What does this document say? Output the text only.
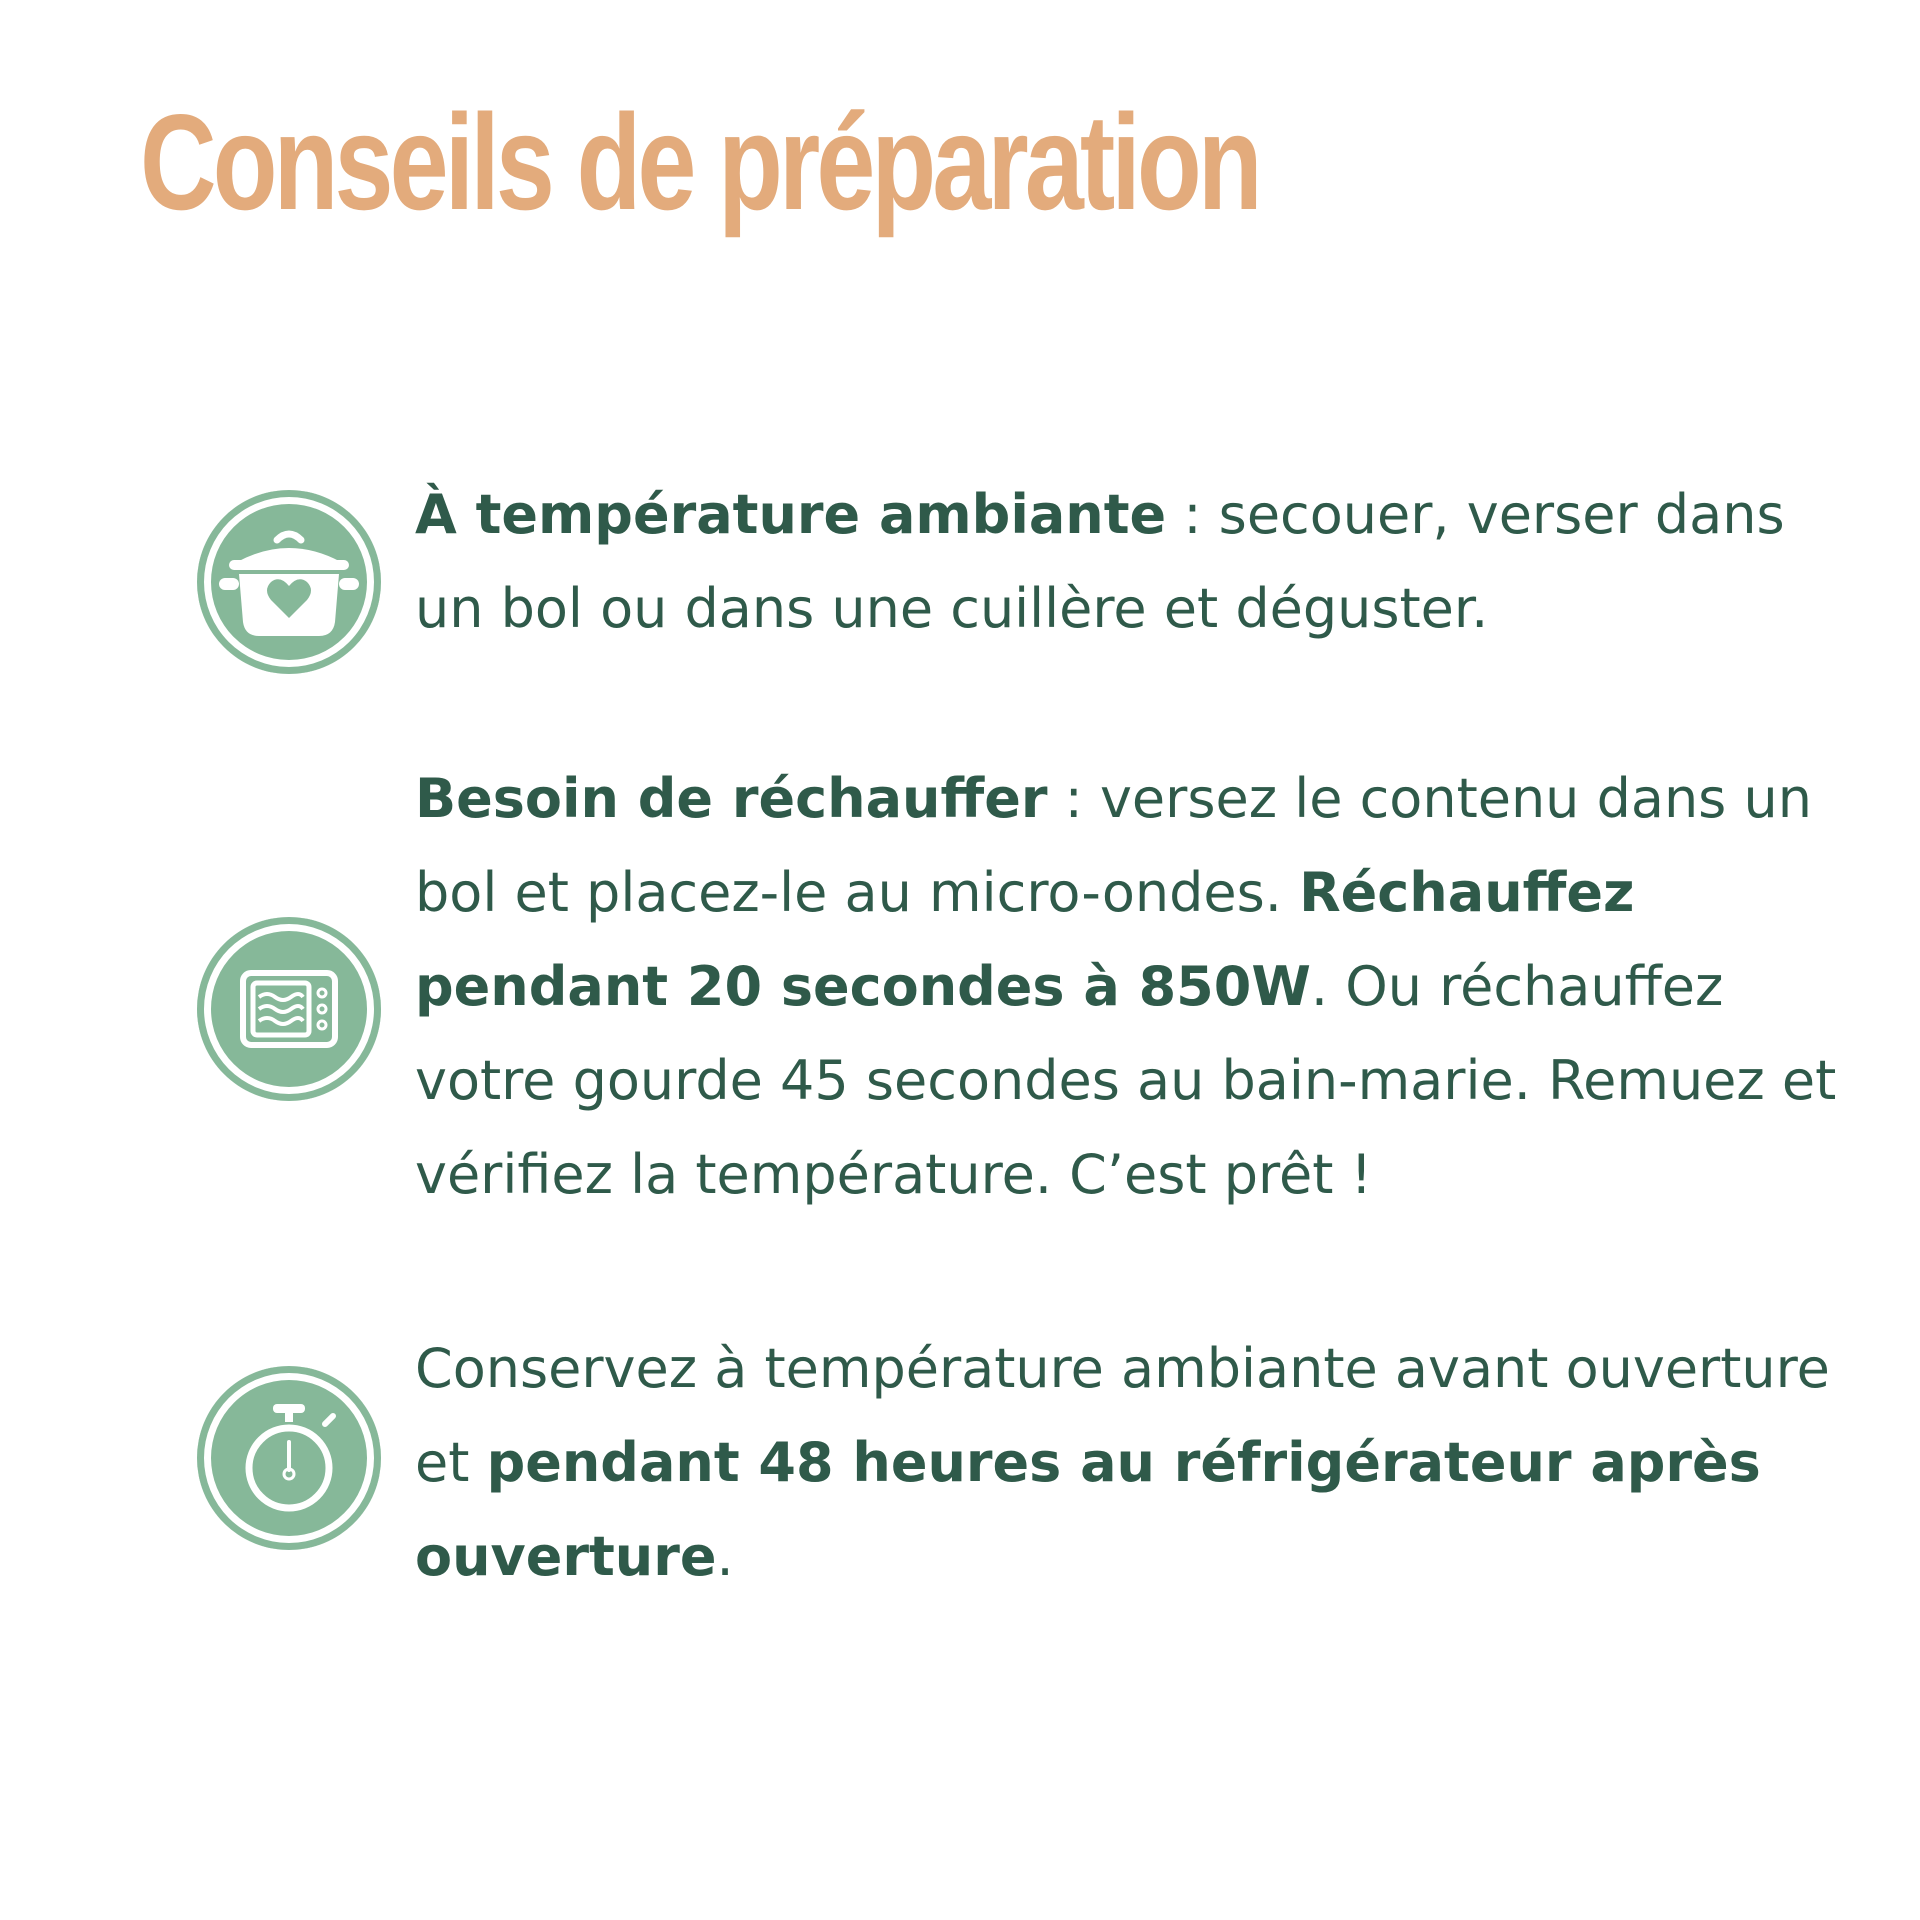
Conseils de préparation

À température ambiante : secouer, verser dans un bol ou dans une cuillère et déguster.

Besoin de réchauffer : versez le contenu dans un bol et placez-le au micro-ondes. Réchauffez pendant 20 secondes à 850W. Ou réchauffez votre gourde 45 secondes au bain-marie. Remuez et vérifiez la température. C’est prêt !

Conservez à température ambiante avant ouverture et pendant 48 heures au réfrigérateur après ouverture.
